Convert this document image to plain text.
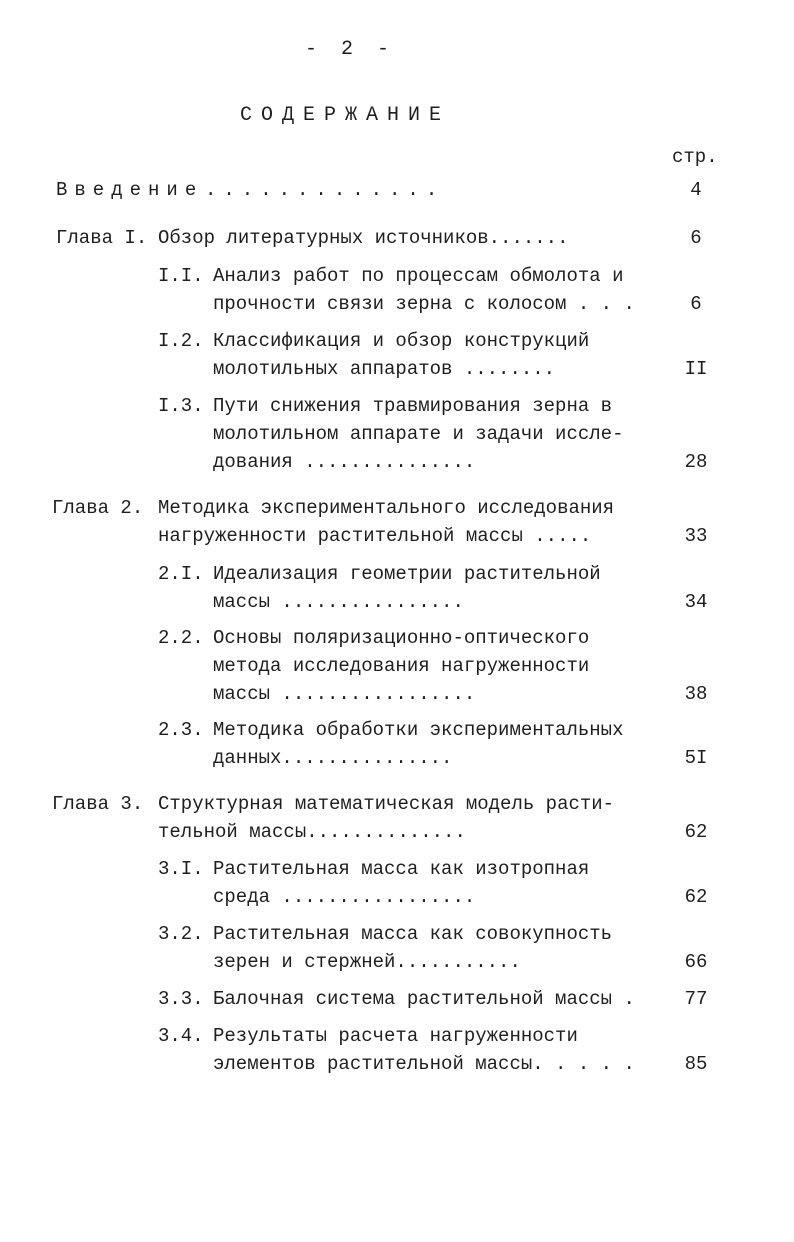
- 2 -
СОДЕРЖАНИЕ
стр.
Введение .............	4
Глава I. Обзор литературных источников.......	6
I.I. Анализ работ по процессам обмолота и
прочности связи зерна с колосом . . .	6
I.2. Классификация и обзор конструкций
молотильных аппаратов ........	II
I.3. Пути снижения травмирования зерна в
молотильном аппарате и задачи иссле-
дования ...............	28
Глава 2. Методика экспериментального исследования
нагруженности растительной массы .....	33
2.I. Идеализация геометрии растительной
массы ................	34
2.2. Основы поляризационно-оптического
метода исследования нагруженности
массы .................	38
2.3. Методика обработки экспериментальных
данных...............	5I
Глава 3. Структурная математическая модель расти-
тельной массы..............	62
3.I. Растительная масса как изотропная
среда .................	62
3.2. Растительная масса как совокупность
зерен и стержней...........	66
3.3. Балочная система растительной массы .	77
3.4. Результаты расчета нагруженности
элементов растительной массы. . . . .	85
